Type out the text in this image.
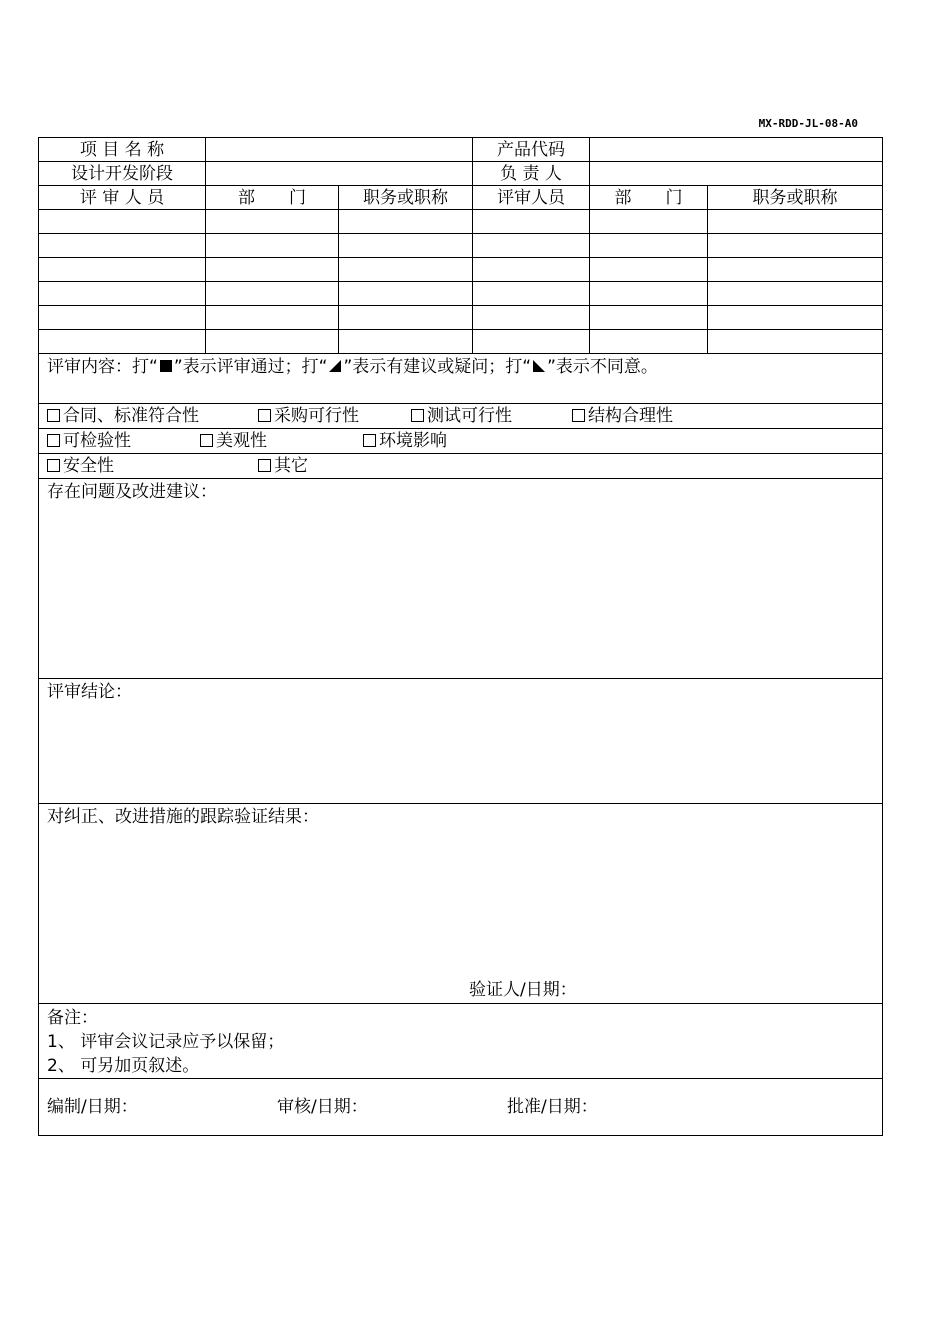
MX-RDD-JL-08-A0
项 目 名 称			产品代码		
设计开发阶段			负 责 人		
评 审 人 员	部　　门	职务或职称	评审人员	部　　门	职务或职称

评审内容：打“ ”表示评审通过；打“ ”表示有建议或疑问；打“ ”表示不同意。					
合同、标准符合性 采购可行性 测试可行性 结构合理性					
可检验性 美观性 环境影响					
安全性 其它					
存在问题及改进建议：					
评审结论：					
对纠正、改进措施的跟踪验证结果：
验证人/日期：					

备注：
1、 评审会议记录应予以保留；
2、 可另加页叙述。					

编制/日期： 审核/日期： 批准/日期：					
